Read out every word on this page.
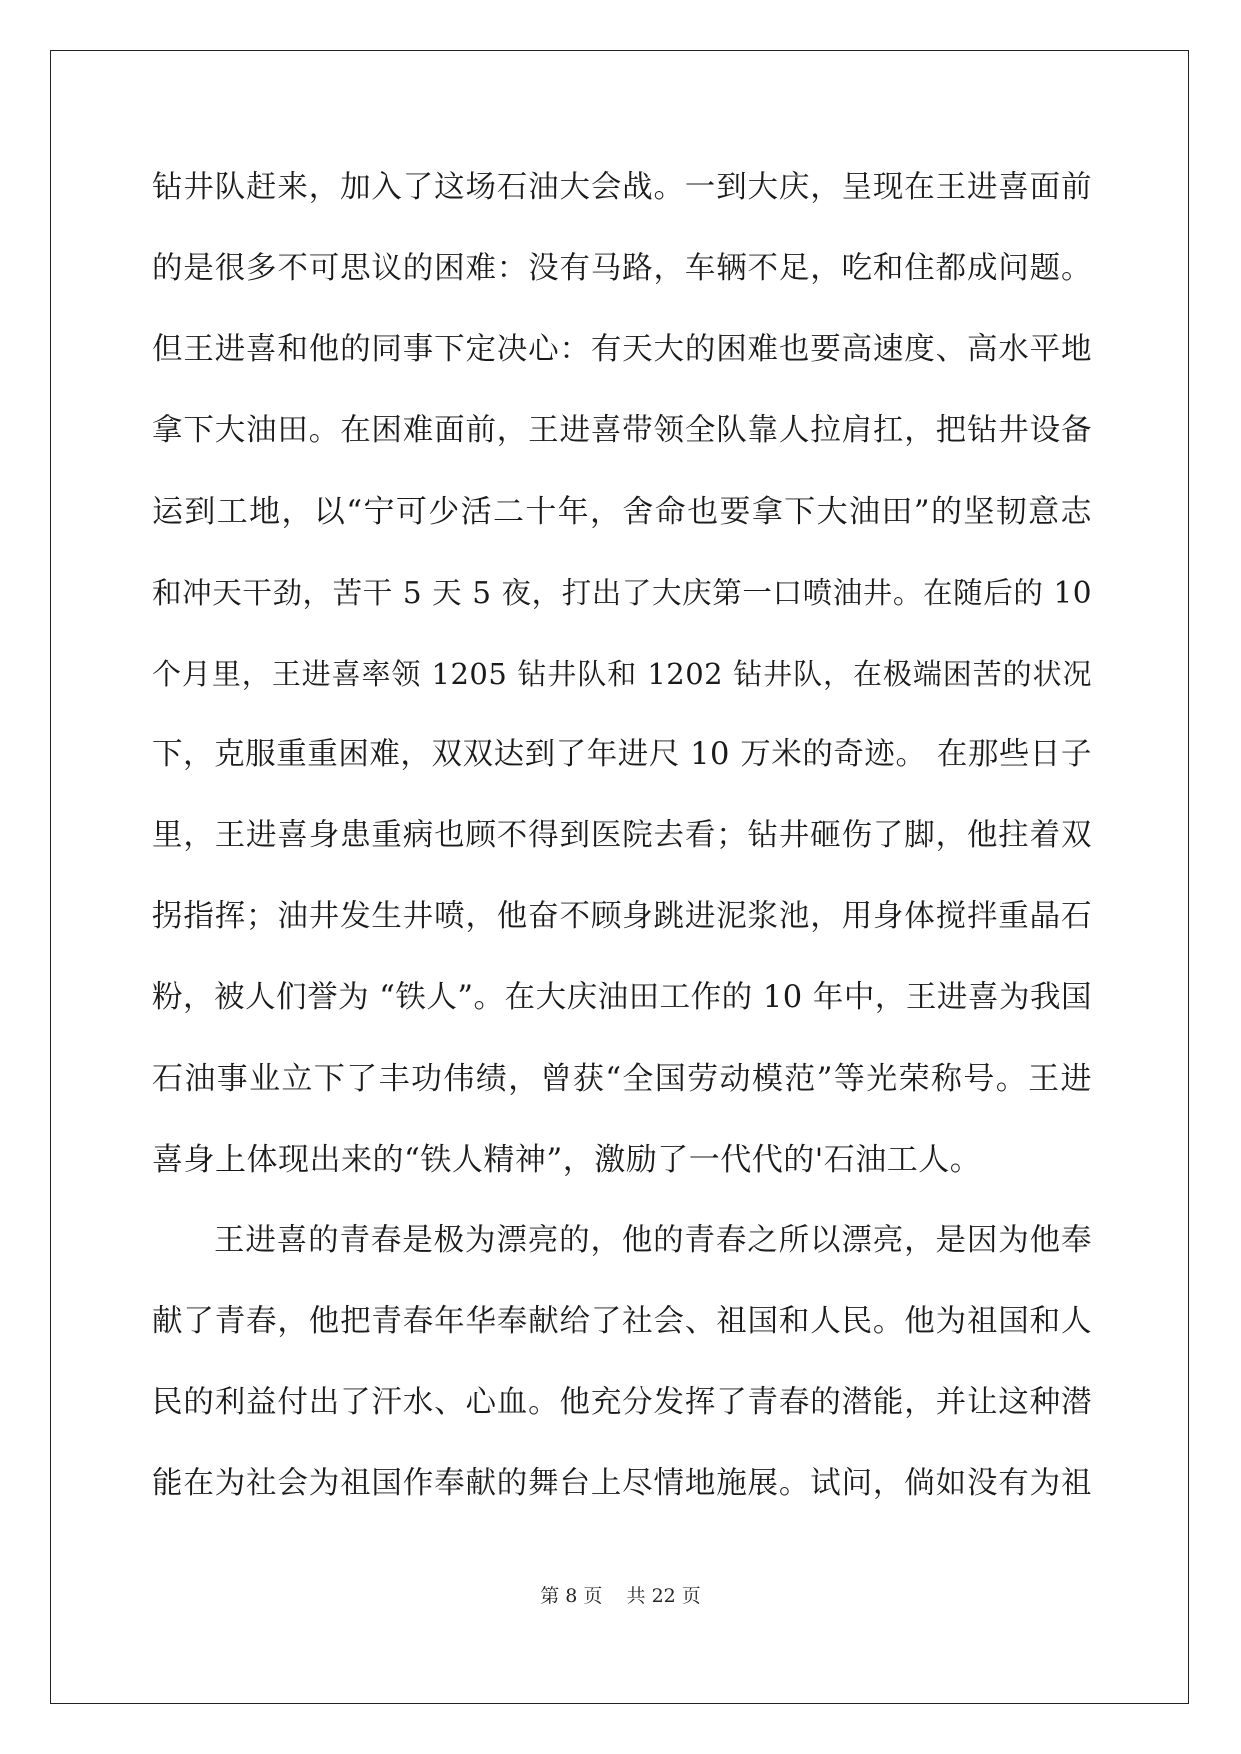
钻井队赶来，加入了这场石油大会战。一到大庆，呈现在王进喜面前
的是很多不可思议的困难：没有马路，车辆不足，吃和住都成问题。
但王进喜和他的同事下定决心：有天大的困难也要高速度、高水平地
拿下大油田。在困难面前，王进喜带领全队靠人拉肩扛，把钻井设备
运到工地，以“宁可少活二十年，舍命也要拿下大油田”的坚韧意志
和冲天干劲，苦干 5 天 5 夜，打出了大庆第一口喷油井。在随后的 10
个月里，王进喜率领 1205 钻井队和 1202 钻井队，在极端困苦的状况
下，克服重重困难，双双达到了年进尺 10 万米的奇迹。 在那些日子
里，王进喜身患重病也顾不得到医院去看；钻井砸伤了脚，他拄着双
拐指挥；油井发生井喷，他奋不顾身跳进泥浆池，用身体搅拌重晶石
粉，被人们誉为 “铁人”。在大庆油田工作的 10 年中，王进喜为我国
石油事业立下了丰功伟绩，曾获“全国劳动模范”等光荣称号。王进
喜身上体现出来的“铁人精神”，激励了一代代的'石油工人。
王进喜的青春是极为漂亮的，他的青春之所以漂亮，是因为他奉
献了青春，他把青春年华奉献给了社会、祖国和人民。他为祖国和人
民的利益付出了汗水、心血。他充分发挥了青春的潜能，并让这种潜
能在为社会为祖国作奉献的舞台上尽情地施展。试问，倘如没有为祖
第 8 页    共 22 页
